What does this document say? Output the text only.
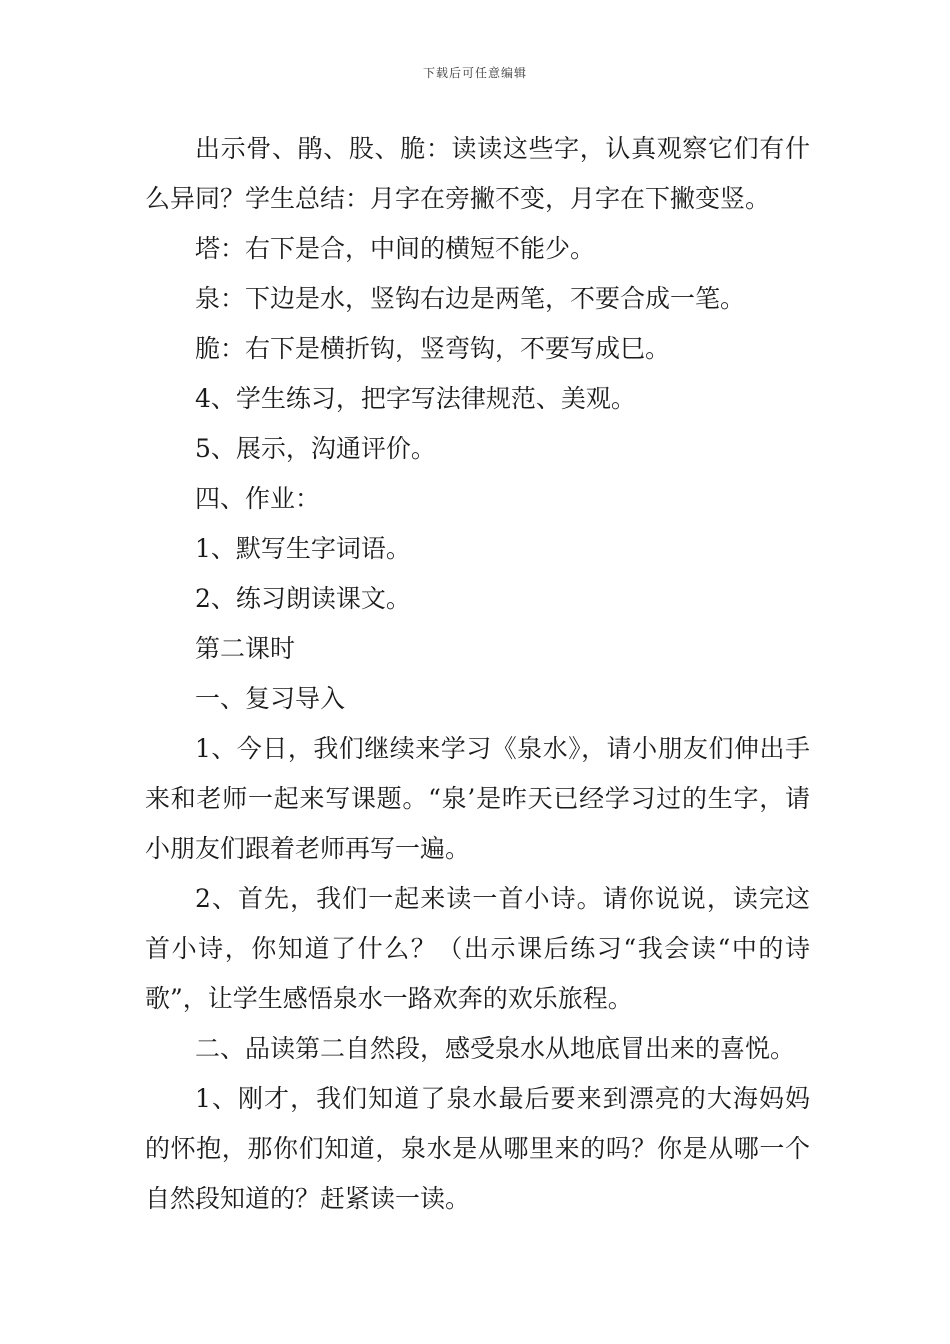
下载后可任意编辑

出示骨、鹃、股、脆：读读这些字，认真观察它们有什么异同？学生总结：月字在旁撇不变，月字在下撇变竖。

塔：右下是合，中间的横短不能少。

泉：下边是水，竖钩右边是两笔，不要合成一笔。

脆：右下是横折钩，竖弯钩，不要写成巳。

4、学生练习，把字写法律规范、美观。

5、展示，沟通评价。

四、作业：

1、默写生字词语。

2、练习朗读课文。

第二课时

一、复习导入

1、今日，我们继续来学习《泉水》，请小朋友们伸出手来和老师一起来写课题。“泉’是昨天已经学习过的生字，请小朋友们跟着老师再写一遍。

2、首先，我们一起来读一首小诗。请你说说，读完这首小诗，你知道了什么？（出示课后练习“我会读“中的诗歌”，让学生感悟泉水一路欢奔的欢乐旅程。

二、品读第二自然段，感受泉水从地底冒出来的喜悦。

1、刚才，我们知道了泉水最后要来到漂亮的大海妈妈的怀抱，那你们知道，泉水是从哪里来的吗？你是从哪一个自然段知道的？赶紧读一读。
